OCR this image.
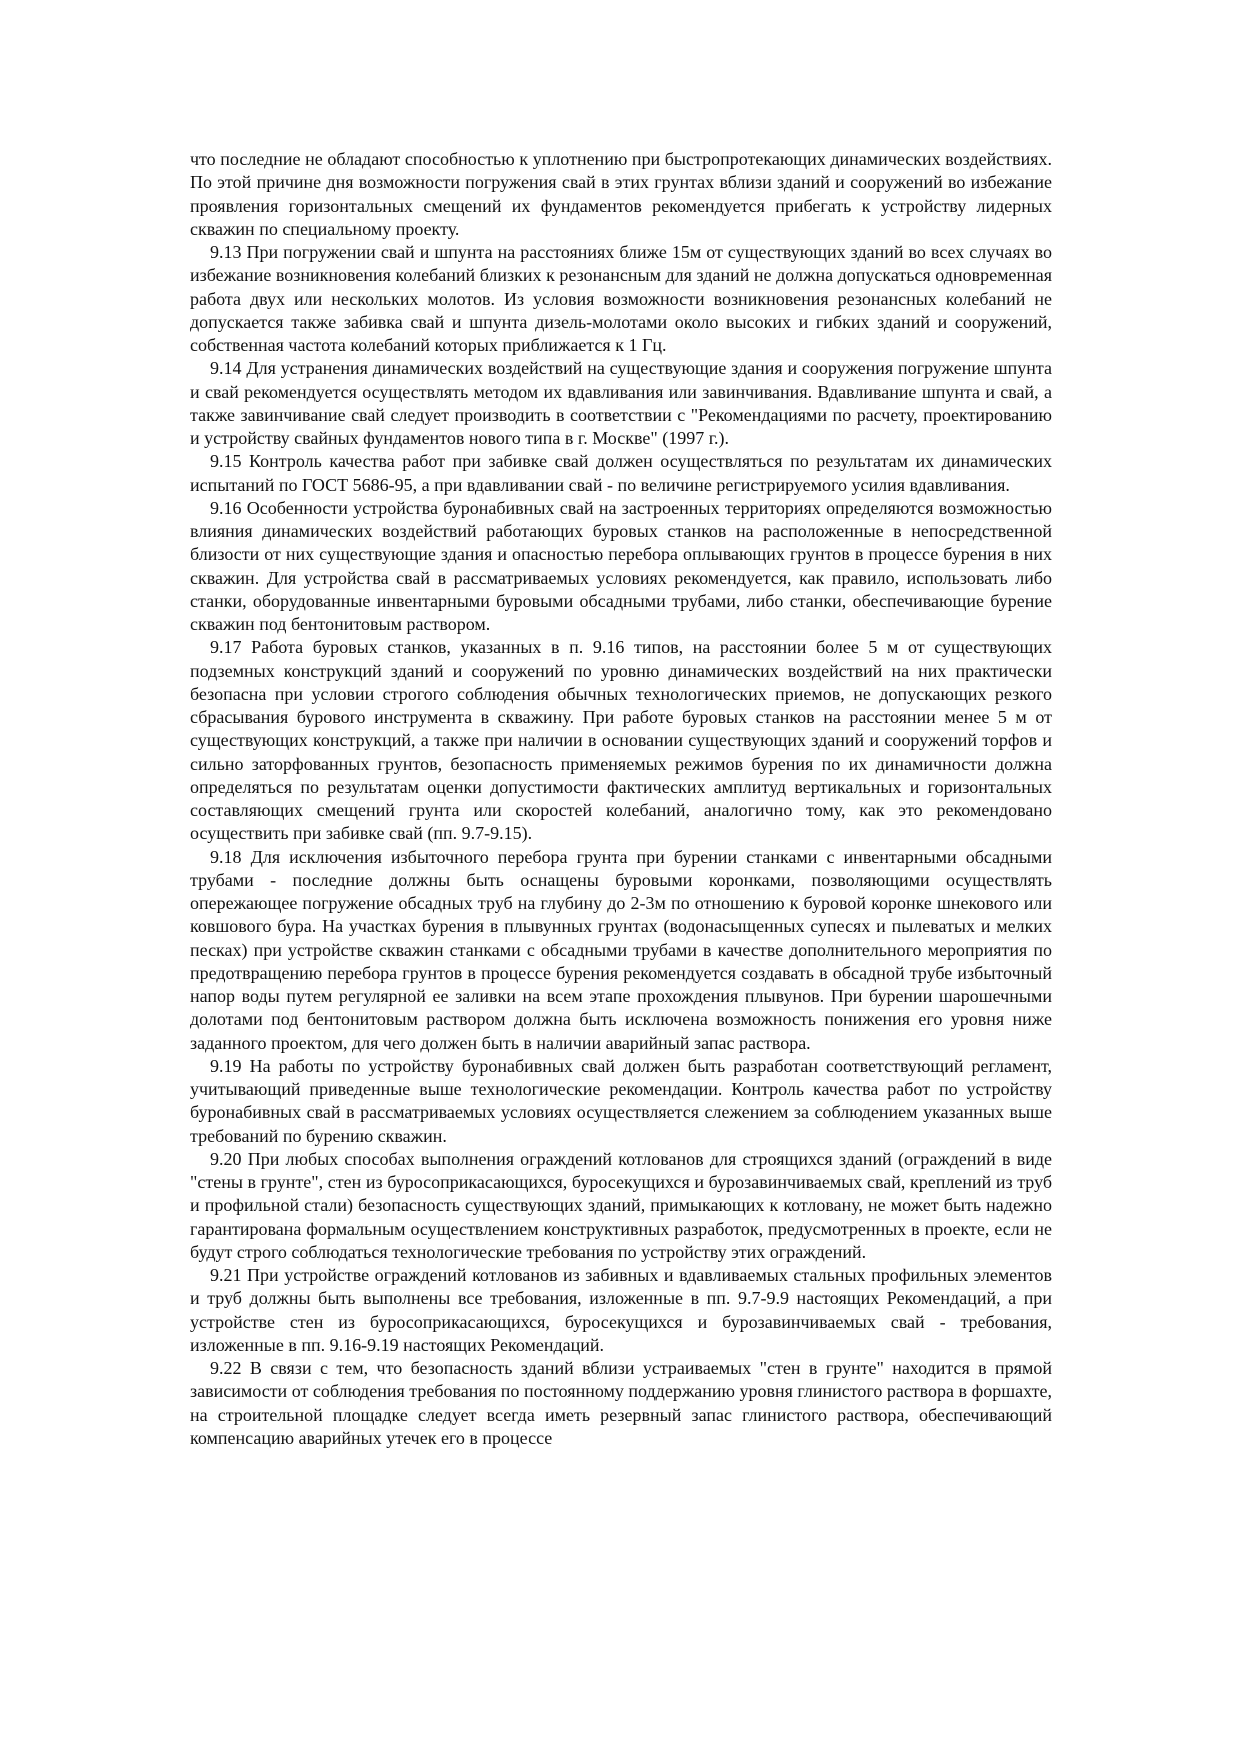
что последние не обладают способностью к уплотнению при быстропротекающих динамических воздействиях. По этой причине дня возможности погружения свай в этих грунтах вблизи зданий и сооружений во избежание проявления горизонтальных смещений их фундаментов рекомендуется прибегать к устройству лидерных скважин по специальному проекту.

9.13 При погружении свай и шпунта на расстояниях ближе 15м от существующих зданий во всех случаях во избежание возникновения колебаний близких к резонансным для зданий не должна допускаться одновременная работа двух или нескольких молотов. Из условия возможности возникновения резонансных колебаний не допускается также забивка свай и шпунта дизель-молотами около высоких и гибких зданий и сооружений, собственная частота колебаний которых приближается к 1 Гц.

9.14 Для устранения динамических воздействий на существующие здания и сооружения погружение шпунта и свай рекомендуется осуществлять методом их вдавливания или завинчивания. Вдавливание шпунта и свай, а также завинчивание свай следует производить в соответствии с "Рекомендациями по расчету, проектированию и устройству свайных фундаментов нового типа в г. Москве" (1997 г.).

9.15 Контроль качества работ при забивке свай должен осуществляться по результатам их динамических испытаний по ГОСТ 5686-95, а при вдавливании свай - по величине регистрируемого усилия вдавливания.

9.16 Особенности устройства буронабивных свай на застроенных территориях определяются возможностью влияния динамических воздействий работающих буровых станков на расположенные в непосредственной близости от них существующие здания и опасностью перебора оплывающих грунтов в процессе бурения в них скважин. Для устройства свай в рассматриваемых условиях рекомендуется, как правило, использовать либо станки, оборудованные инвентарными буровыми обсадными трубами, либо станки, обеспечивающие бурение скважин под бентонитовым раствором.

9.17 Работа буровых станков, указанных в п. 9.16 типов, на расстоянии более 5 м от существующих подземных конструкций зданий и сооружений по уровню динамических воздействий на них практически безопасна при условии строгого соблюдения обычных технологических приемов, не допускающих резкого сбрасывания бурового инструмента в скважину. При работе буровых станков на расстоянии менее 5 м от существующих конструкций, а также при наличии в основании существующих зданий и сооружений торфов и сильно заторфованных грунтов, безопасность применяемых режимов бурения по их динамичности должна определяться по результатам оценки допустимости фактических амплитуд вертикальных и горизонтальных составляющих смещений грунта или скоростей колебаний, аналогично тому, как это рекомендовано осуществить при забивке свай (пп. 9.7-9.15).

9.18 Для исключения избыточного перебора грунта при бурении станками с инвентарными обсадными трубами - последние должны быть оснащены буровыми коронками, позволяющими осуществлять опережающее погружение обсадных труб на глубину до 2-3м по отношению к буровой коронке шнекового или ковшового бура. На участках бурения в плывунных грунтах (водонасыщенных супесях и пылеватых и мелких песках) при устройстве скважин станками с обсадными трубами в качестве дополнительного мероприятия по предотвращению перебора грунтов в процессе бурения рекомендуется создавать в обсадной трубе избыточный напор воды путем регулярной ее заливки на всем этапе прохождения плывунов. При бурении шарошечными долотами под бентонитовым раствором должна быть исключена возможность понижения его уровня ниже заданного проектом, для чего должен быть в наличии аварийный запас раствора.

9.19 На работы по устройству буронабивных свай должен быть разработан соответствующий регламент, учитывающий приведенные выше технологические рекомендации. Контроль качества работ по устройству буронабивных свай в рассматриваемых условиях осуществляется слежением за соблюдением указанных выше требований по бурению скважин.

9.20 При любых способах выполнения ограждений котлованов для строящихся зданий (ограждений в виде "стены в грунте", стен из буросоприкасающихся, буросекущихся и бурозавинчиваемых свай, креплений из труб и профильной стали) безопасность существующих зданий, примыкающих к котловану, не может быть надежно гарантирована формальным осуществлением конструктивных разработок, предусмотренных в проекте, если не будут строго соблюдаться технологические требования по устройству этих ограждений.

9.21 При устройстве ограждений котлованов из забивных и вдавливаемых стальных профильных элементов и труб должны быть выполнены все требования, изложенные в пп. 9.7-9.9 настоящих Рекомендаций, а при устройстве стен из буросоприкасающихся, буросекущихся и бурозавинчиваемых свай - требования, изложенные в пп. 9.16-9.19 настоящих Рекомендаций.

9.22 В связи с тем, что безопасность зданий вблизи устраиваемых "стен в грунте" находится в прямой зависимости от соблюдения требования по постоянному поддержанию уровня глинистого раствора в форшахте, на строительной площадке следует всегда иметь резервный запас глинистого раствора, обеспечивающий компенсацию аварийных утечек его в процессе
